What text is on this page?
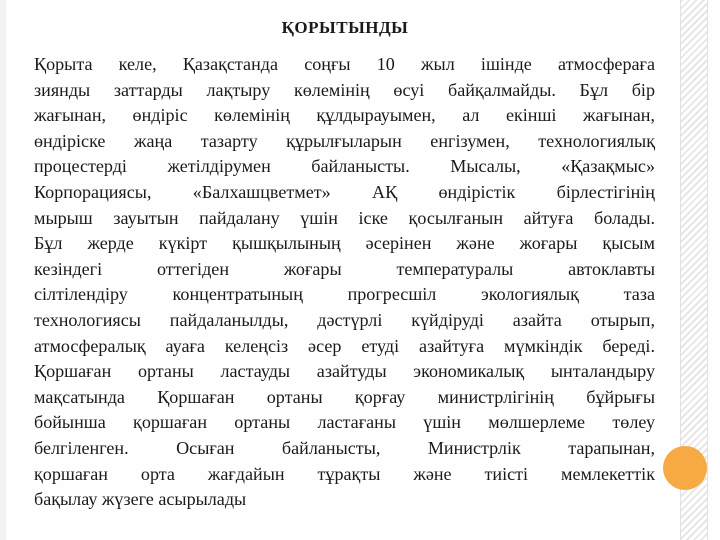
ҚОРЫТЫНДЫ
Қорыта келе, Қазақстанда соңғы 10 жыл ішінде атмосфераға
зиянды заттарды лақтыру көлемінің өсуі байқалмайды. Бұл бір
жағынан, өндіріс көлемінің құлдырауымен, ал екінші жағынан,
өндіріске жаңа тазарту құрылғыларын енгізумен, технологиялық
процестерді жетілдірумен байланысты. Мысалы, «Қазақмыс»
Корпорациясы, «Балхашцветмет» АҚ өндірістік бірлестігінің
мырыш зауытын пайдалану үшін іске қосылғанын айтуға болады.
Бұл жерде күкірт қышқылының әсерінен және жоғары қысым
кезіндегі оттегіден жоғары температуралы автоклавты
сілтілендіру концентратының прогресшіл экологиялық таза
технологиясы пайдаланылды, дәстүрлі күйдіруді азайта отырып,
атмосфералық ауаға келеңсіз әсер етуді азайтуға мүмкіндік береді.
Қоршаған ортаны ластауды азайтуды экономикалық ынталандыру
мақсатында Қоршаған ортаны қорғау министрлігінің бұйрығы
бойынша қоршаған ортаны ластағаны үшін мөлшерлеме төлеу
белгіленген. Осыған байланысты, Министрлік тарапынан,
қоршаған орта жағдайын тұрақты және тиісті мемлекеттік
бақылау жүзеге асырылады
